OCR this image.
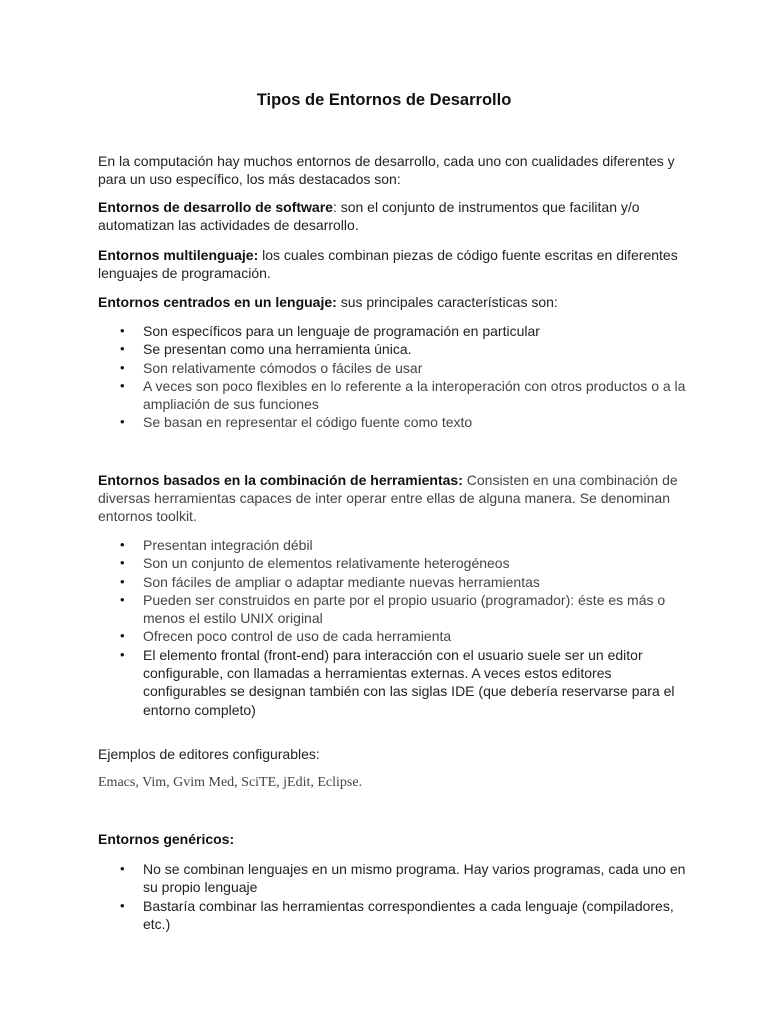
Tipos de Entornos de Desarrollo
En la computación hay muchos entornos de desarrollo, cada uno con cualidades diferentes y para un uso específico, los más destacados son:
Entornos de desarrollo de software: son el conjunto de instrumentos que facilitan y/o automatizan las actividades de desarrollo.
Entornos multilenguaje: los cuales combinan piezas de código fuente escritas en diferentes lenguajes de programación.
Entornos centrados en un lenguaje: sus principales características son:
• Son específicos para un lenguaje de programación en particular
• Se presentan como una herramienta única.
• Son relativamente cómodos o fáciles de usar
• A veces son poco flexibles en lo referente a la interoperación con otros productos o a la ampliación de sus funciones
• Se basan en representar el código fuente como texto
Entornos basados en la combinación de herramientas: Consisten en una combinación de diversas herramientas capaces de inter operar entre ellas de alguna manera. Se denominan entornos toolkit.
• Presentan integración débil
• Son un conjunto de elementos relativamente heterogéneos
• Son fáciles de ampliar o adaptar mediante nuevas herramientas
• Pueden ser construidos en parte por el propio usuario (programador): éste es más o menos el estilo UNIX original
• Ofrecen poco control de uso de cada herramienta
• El elemento frontal (front-end) para interacción con el usuario suele ser un editor configurable, con llamadas a herramientas externas. A veces estos editores configurables se designan también con las siglas IDE (que debería reservarse para el entorno completo)
Ejemplos de editores configurables:
Emacs, Vim, Gvim Med, SciTE, jEdit, Eclipse.
Entornos genéricos:
• No se combinan lenguajes en un mismo programa. Hay varios programas, cada uno en su propio lenguaje
• Bastaría combinar las herramientas correspondientes a cada lenguaje (compiladores, etc.)
